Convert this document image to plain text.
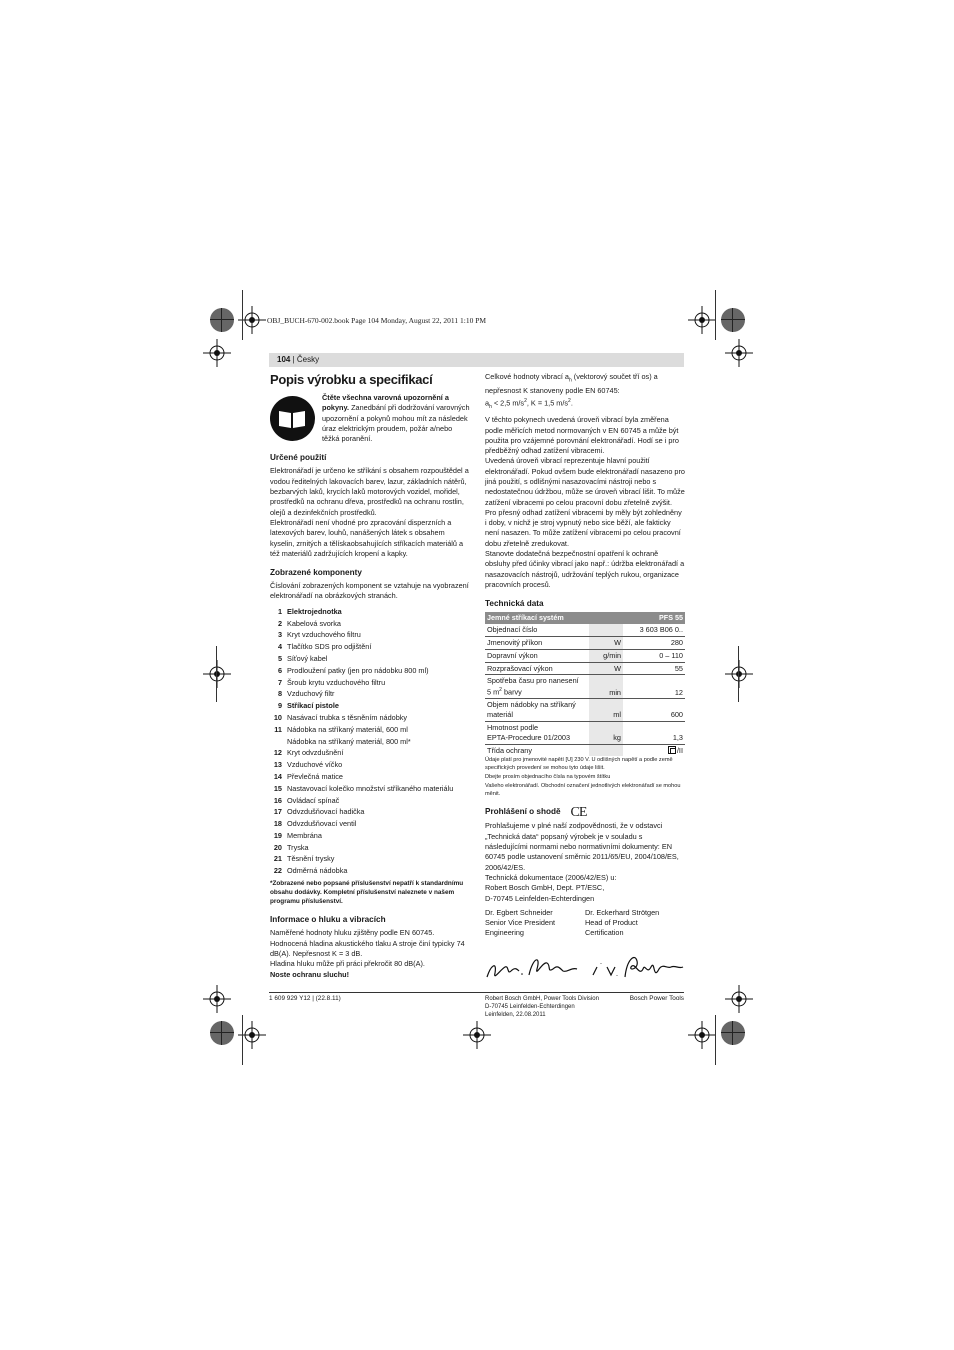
OBJ_BUCH-670-002.book Page 104 Monday, August 22, 2011 1:10 PM
104 | Česky
Popis výrobku a specifikací
Čtěte všechna varovná upozornění a pokyny. Zanedbání při dodržování varovných upozornění a pokynů mohou mít za následek úraz elektrickým proudem, požár a/nebo těžká poranění.
Určené použití

Elektronářadí je určeno ke stříkání s obsahem rozpouštědel a vodou ředitelných lakovacích barev, lazur, základních nátěrů, bezbarvých laků, krycích laků motorových vozidel, mořidel, prostředků na ochranu dřeva, prostředků na ochranu rostlin, olejů a dezinfekčních prostředků.

Elektronářadí není vhodné pro zpracování disperzních a latexových barev, louhů, nanášených látek s obsahem kyselin, zrnitých a tělískaobsahujících stříkacích materiálů a též materiálů zadržujících kropení a kapky.

Zobrazené komponenty

Číslování zobrazených komponent se vztahuje na vyobrazení elektronářadí na obrázkových stranách.

1 Elektrojednotka
2 Kabelová svorka
3 Kryt vzduchového filtru
4 Tlačítko SDS pro odjištění
5 Síťový kabel
6 Prodloužení patky (jen pro nádobku 800 ml)
7 Šroub krytu vzduchového filtru
8 Vzduchový filtr
9 Stříkací pistole
10 Nasávací trubka s těsněním nádobky
11 Nádobka na stříkaný materiál, 600 ml
Nádobka na stříkaný materiál, 800 ml*
12 Kryt odvzdušnění
13 Vzduchové víčko
14 Převlečná matice
15 Nastavovací kolečko množství stříkaného materiálu
16 Ovládací spínač
17 Odvzdušňovací hadička
18 Odvzdušňovací ventil
19 Membrána
20 Tryska
21 Těsnění trysky
22 Odměrná nádobka

*Zobrazené nebo popsané příslušenství nepatří k standardnímu obsahu dodávky. Kompletní příslušenství naleznete v našem programu příslušenství.

Informace o hluku a vibracích

Naměřené hodnoty hluku zjištěny podle EN 60745.

Hodnocená hladina akustického tlaku A stroje činí typicky 74 dB(A). Nepřesnost K = 3 dB.

Hladina hluku může při práci překročit 80 dB(A).

Noste ochranu sluchu!

Celkové hodnoty vibrací $a_h$ (vektorový součet tří os) a nepřesnost K stanoveny podle EN 60745:
$a_h < 2,5$ $m/s^2$, K = 1,5 $m/s^2$.

V těchto pokynech uvedená úroveň vibrací byla změřena podle měřicích metod normovaných v EN 60745 a může být použita pro vzájemné porovnání elektronářadí. Hodí se i pro předběžný odhad zatížení vibracemi.

Uvedená úroveň vibrací reprezentuje hlavní použití elektronářadí. Pokud ovšem bude elektronářadí nasazeno pro jiná použití, s odlišnými nasazovacími nástroji nebo s nedostatečnou údržbou, může se úroveň vibrací lišit. To může zatížení vibracemi po celou pracovní dobu zřetelně zvýšit.

Pro přesný odhad zatížení vibracemi by měly být zohledněny i doby, v nichž je stroj vypnutý nebo sice běží, ale fakticky není nasazen. To může zatížení vibracemi po celou pracovní dobu zřetelně zredukovat.

Stanovte dodatečná bezpečnostní opatření k ochraně obsluhy před účinky vibrací jako např.: údržba elektronářadí a nasazovacích nástrojů, udržování teplých rukou, organizace pracovních procesů.

Technická data
Jemné stříkací systém		PFS 55
Objednací číslo		3 603 B06 0..
Jmenovitý příkon	W	280
Dopravní výkon	g/min	0 – 110
Rozprašovací výkon	W	55
Spotřeba času pro nanesení
5 $m^2$ barvy	min	12
Objem nádobky na stříkaný
materiál	ml	600
Hmotnost podle
EPTA-Procedure 01/2003	kg	1,3
Třída ochrany		/II

Údaje platí pro jmenovité napětí [U] 230 V. U odlišných napětí a podle země specifických provedení se mohou tyto údaje lišit.

Dbejte prosím objednacího čísla na typovém štítku

Vašeho elektronářadí. Obchodní označení jednotlivých elektronářadí se mohou měnit.

Prohlášení o shodě CE

Prohlašujeme v plné naší zodpovědnosti, že v odstavci „Technická data“ popsaný výrobek je v souladu s následujícími normami nebo normativními dokumenty: EN 60745 podle ustanovení směrnic 2011/65/EU, 2004/108/ES, 2006/42/ES.

Technická dokumentace (2006/42/ES) u:

Robert Bosch GmbH, Dept. PT/ESC,

D-70745 Leinfelden-Echterdingen

Dr. Egbert Schneider

Senior Vice President

Engineering

Dr. Eckerhard Strötgen

Head of Product

Certification

Robert Bosch GmbH, Power Tools Division
D-70745 Leinfelden-Echterdingen
Leinfelden, 22.08.2011

1 609 929 Y12 | (22.8.11)	Bosch Power Tools
